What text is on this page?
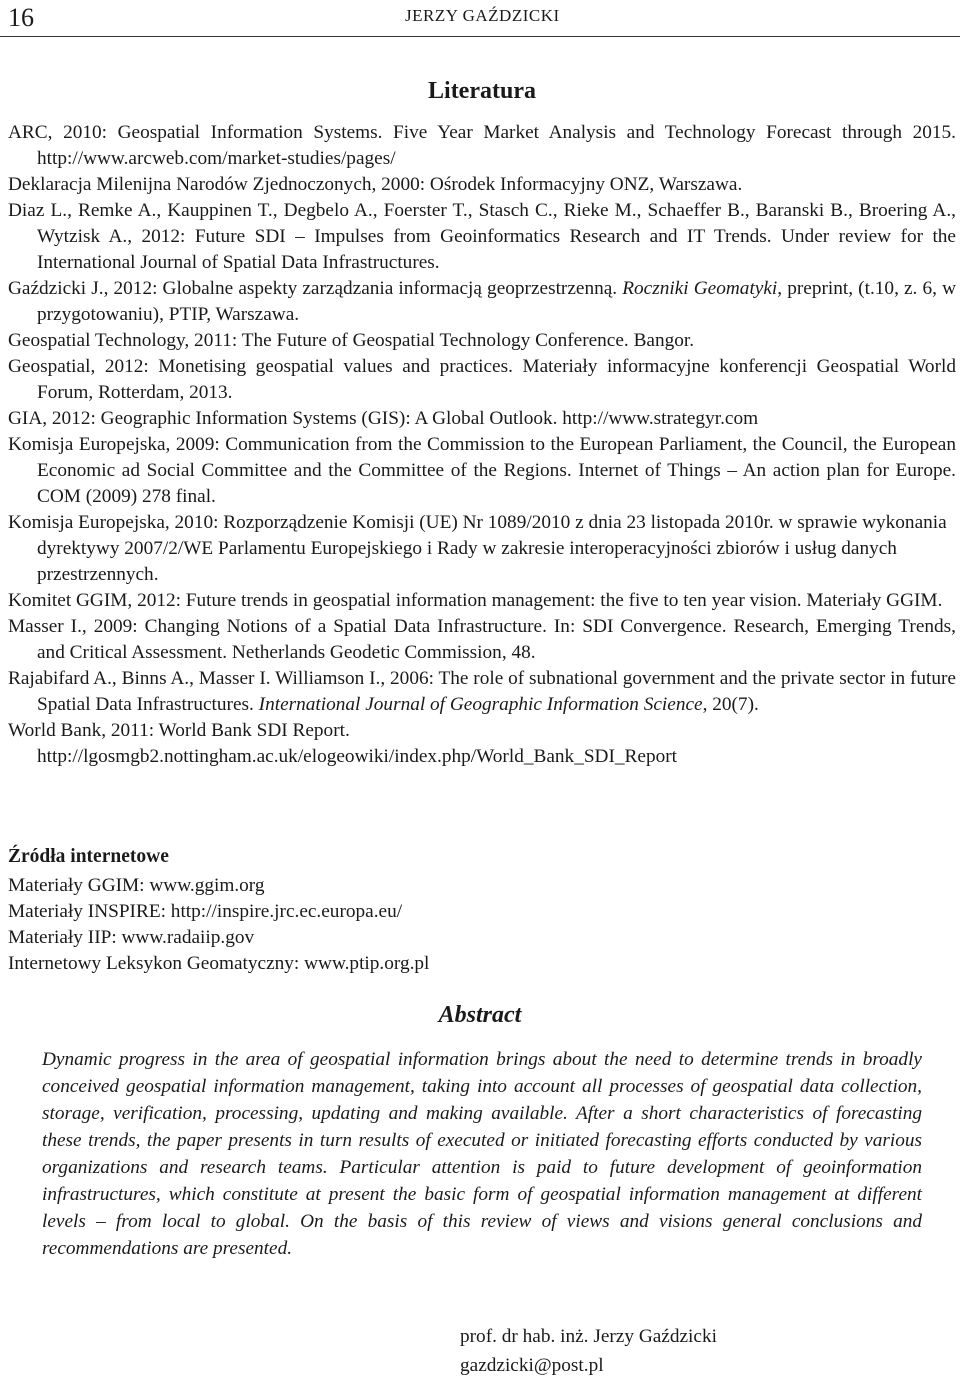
16	JERZY GAŹDZICKI
Literatura
ARC, 2010: Geospatial Information Systems. Five Year Market Analysis and Technology Forecast through 2015. http://www.arcweb.com/market-studies/pages/
Deklaracja Milenijna Narodów Zjednoczonych, 2000: Ośrodek Informacyjny ONZ, Warszawa.
Diaz L., Remke A., Kauppinen T., Degbelo A., Foerster T., Stasch C., Rieke M., Schaeffer B., Baranski B., Broering A., Wytzisk A., 2012: Future SDI – Impulses from Geoinformatics Research and IT Trends. Under review for the International Journal of Spatial Data Infrastructures.
Gaździcki J., 2012: Globalne aspekty zarządzania informacją geoprzestrzenną. Roczniki Geomatyki, preprint, (t.10, z. 6, w przygotowaniu), PTIP, Warszawa.
Geospatial Technology, 2011: The Future of Geospatial Technology Conference. Bangor.
Geospatial, 2012: Monetising geospatial values and practices. Materiały informacyjne konferencji Geospatial World Forum, Rotterdam, 2013.
GIA, 2012: Geographic Information Systems (GIS): A Global Outlook. http://www.strategyr.com
Komisja Europejska, 2009: Communication from the Commission to the European Parliament, the Council, the European Economic ad Social Committee and the Committee of the Regions. Internet of Things – An action plan for Europe. COM (2009) 278 final.
Komisja Europejska, 2010: Rozporządzenie Komisji (UE) Nr 1089/2010 z dnia 23 listopada 2010r. w sprawie wykonania dyrektywy 2007/2/WE Parlamentu Europejskiego i Rady w zakresie interoperacyjności zbiorów i usług danych przestrzennych.
Komitet GGIM, 2012: Future trends in geospatial information management: the five to ten year vision. Materiały GGIM.
Masser I., 2009: Changing Notions of a Spatial Data Infrastructure. In: SDI Convergence. Research, Emerging Trends, and Critical Assessment. Netherlands Geodetic Commission, 48.
Rajabifard A., Binns A., Masser I. Williamson I., 2006: The role of subnational government and the private sector in future Spatial Data Infrastructures. International Journal of Geographic Information Science, 20(7).
World Bank, 2011: World Bank SDI Report.
http://lgosmgb2.nottingham.ac.uk/elogeowiki/index.php/World_Bank_SDI_Report
Źródła internetowe
Materiały GGIM: www.ggim.org
Materiały INSPIRE: http://inspire.jrc.ec.europa.eu/
Materiały IIP: www.radaiip.gov
Internetowy Leksykon Geomatyczny: www.ptip.org.pl
Abstract
Dynamic progress in the area of geospatial information brings about the need to determine trends in broadly conceived geospatial information management, taking into account all processes of geospatial data collection, storage, verification, processing, updating and making available. After a short characteristics of forecasting these trends, the paper presents in turn results of executed or initiated forecasting efforts conducted by various organizations and research teams. Particular attention is paid to future development of geoinformation infrastructures, which constitute at present the basic form of geospatial information management at different levels – from local to global. On the basis of this review of views and visions general conclusions and recommendations are presented.
prof. dr hab. inż. Jerzy Gaździcki
gazdzicki@post.pl
